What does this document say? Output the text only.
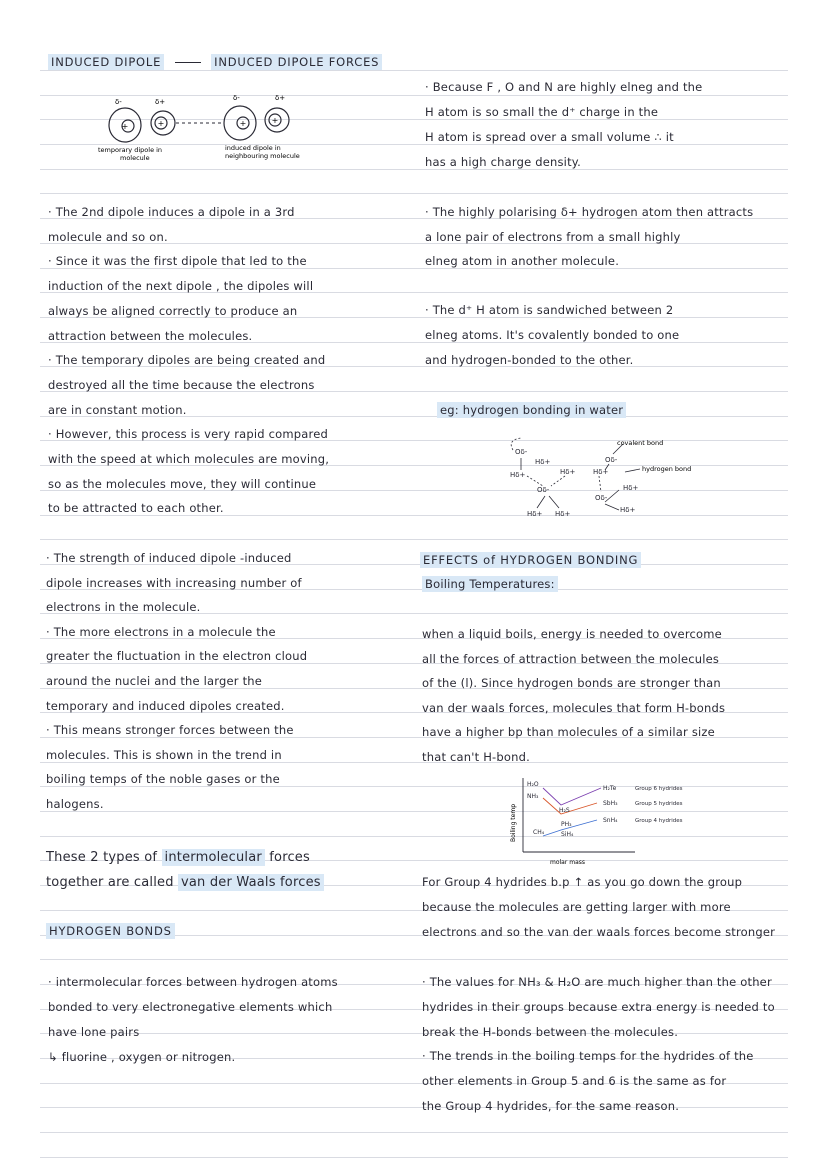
INDUCED DIPOLE	INDUCED DIPOLE FORCES
+	+	+	+
δ-	δ+	δ-	δ+
temporary dipole in
molecule
induced dipole in
neighbouring molecule
· The 2nd dipole induces a dipole in a 3rd
molecule and so on.
· Since it was the first dipole that led to the
induction of the next dipole , the dipoles will
always be aligned correctly to produce an
attraction between the molecules.
· The temporary dipoles are being created and
destroyed all the time because the electrons
are in constant motion.
· However, this process is very rapid compared
with the speed at which molecules are moving,
so as the molecules move, they will continue
to be attracted to each other.
· The strength of induced dipole -induced
dipole increases with increasing number of
electrons in the molecule.
· The more electrons in a molecule the
greater the fluctuation in the electron cloud
around the nuclei and the larger the
temporary and induced dipoles created.
· This means stronger forces between the
molecules. This is shown in the trend in
boiling temps of the noble gases or the
halogens.
These 2 types of intermolecular forces
together are called van der Waals forces
HYDROGEN BONDS
· intermolecular forces between hydrogen atoms
bonded to very electronegative elements which
have lone pairs
↳ fluorine , oxygen or nitrogen.
· Because F , O and N are highly elneg and the
H atom is so small the d⁺ charge in the
H atom is spread over a small volume ∴ it
has a high charge density.
· The highly polarising δ+ hydrogen atom then attracts
a lone pair of electrons from a small highly
elneg atom in another molecule.
· The d⁺ H atom is sandwiched between 2
elneg atoms. It's covalently bonded to one
and hydrogen-bonded to the other.
eg: hydrogen bonding in water
Oδ-
Hδ+
Hδ+
Oδ-
Hδ+
Oδ-
Hδ+
Oδ-
Hδ+
Hδ+
Hδ+ Hδ+
covalent bond
hydrogen bond
EFFECTS of HYDROGEN BONDING
Boiling Temperatures:
when a liquid boils, energy is needed to overcome
all the forces of attraction between the molecules
of the (l). Since hydrogen bonds are stronger than
van der waals forces, molecules that form H-bonds
have a higher bp than molecules of a similar size
that can't H-bond.
Boiling temp
molar mass
H₂O
NH₃
CH₄
H₂S
PH₃
SiH₄
H₂Te
SbH₃
SnH₄
Group 6 hydrides
Group 5 hydrides
Group 4 hydrides
For Group 4 hydrides b.p ↑ as you go down the group
because the molecules are getting larger with more
electrons and so the van der waals forces become stronger
· The values for NH₃ & H₂O are much higher than the other
hydrides in their groups because extra energy is needed to
break the H-bonds between the molecules.
· The trends in the boiling temps for the hydrides of the
other elements in Group 5 and 6 is the same as for
the Group 4 hydrides, for the same reason.
